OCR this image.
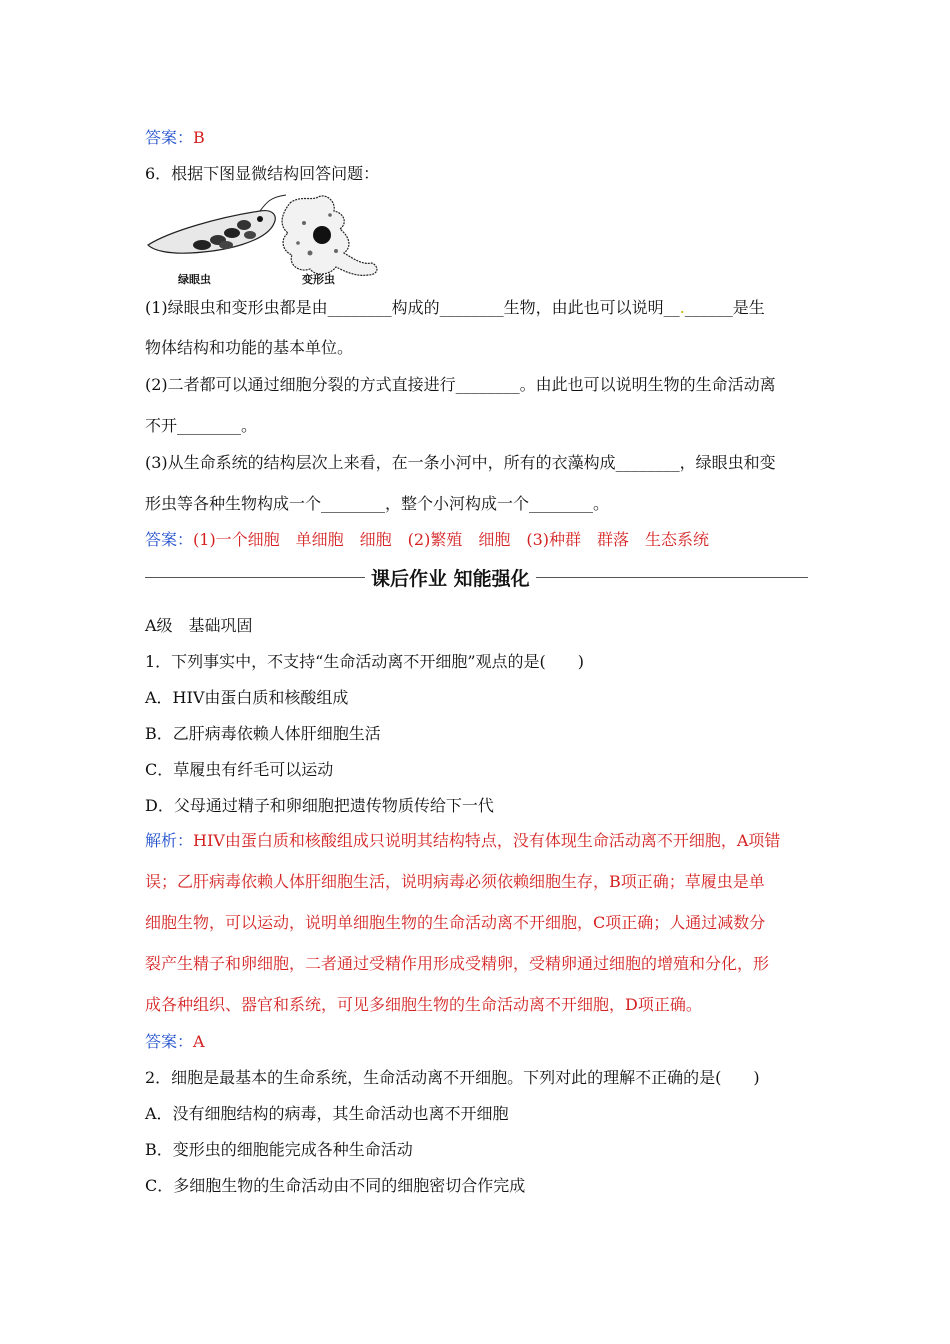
答案：B
6．根据下图显微结构回答问题：
绿眼虫	变形虫
(1)绿眼虫和变形虫都是由________构成的________生物，由此也可以说明__.______是生
物体结构和功能的基本单位。
(2)二者都可以通过细胞分裂的方式直接进行________。由此也可以说明生物的生命活动离
不开________。
(3)从生命系统的结构层次上来看，在一条小河中，所有的衣藻构成________，绿眼虫和变
形虫等各种生物构成一个________，整个小河构成一个________。
答案：(1)一个细胞　单细胞　细胞　(2)繁殖　细胞　(3)种群　群落　生态系统
课后作业 知能强化
A级　基础巩固
1．下列事实中，不支持“生命活动离不开细胞”观点的是(　　)
A．HIV由蛋白质和核酸组成
B．乙肝病毒依赖人体肝细胞生活
C．草履虫有纤毛可以运动
D．父母通过精子和卵细胞把遗传物质传给下一代
解析：HIV由蛋白质和核酸组成只说明其结构特点，没有体现生命活动离不开细胞，A项错
误；乙肝病毒依赖人体肝细胞生活，说明病毒必须依赖细胞生存，B项正确；草履虫是单
细胞生物，可以运动，说明单细胞生物的生命活动离不开细胞，C项正确；人通过减数分
裂产生精子和卵细胞，二者通过受精作用形成受精卵，受精卵通过细胞的增殖和分化，形
成各种组织、器官和系统，可见多细胞生物的生命活动离不开细胞，D项正确。
答案：A
2．细胞是最基本的生命系统，生命活动离不开细胞。下列对此的理解不正确的是(　　)
A．没有细胞结构的病毒，其生命活动也离不开细胞
B．变形虫的细胞能完成各种生命活动
C．多细胞生物的生命活动由不同的细胞密切合作完成
